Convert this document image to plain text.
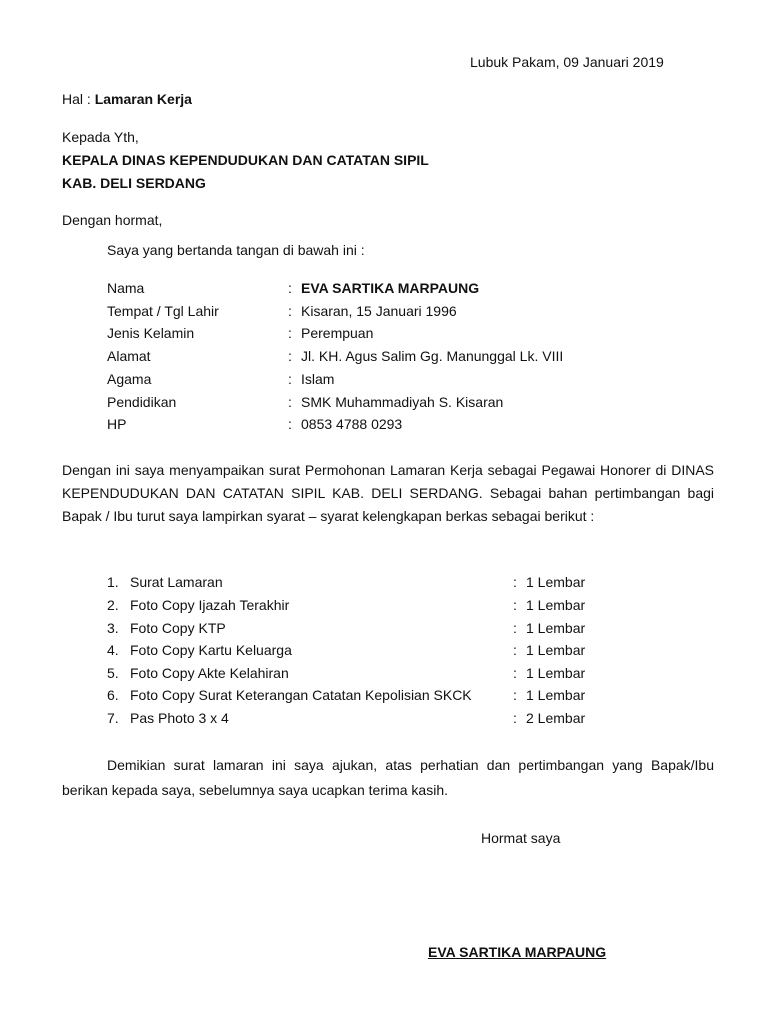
Lubuk Pakam, 09 Januari 2019
Hal : Lamaran Kerja
Kepada Yth,
KEPALA DINAS KEPENDUDUKAN DAN CATATAN SIPIL
KAB. DELI SERDANG
Dengan hormat,
Saya yang bertanda tangan di bawah ini :
Nama	: EVA SARTIKA MARPAUNG
Tempat / Tgl Lahir	: Kisaran, 15 Januari 1996
Jenis Kelamin	: Perempuan
Alamat	: Jl. KH. Agus Salim Gg. Manunggal Lk. VIII
Agama	: Islam
Pendidikan	: SMK Muhammadiyah S. Kisaran
HP	: 0853 4788 0293
Dengan ini saya menyampaikan surat Permohonan Lamaran Kerja sebagai Pegawai Honorer di DINAS KEPENDUDUKAN DAN CATATAN SIPIL KAB. DELI SERDANG. Sebagai bahan pertimbangan bagi Bapak / Ibu turut saya lampirkan syarat – syarat kelengkapan berkas sebagai berikut :
1. Surat Lamaran	: 1 Lembar
2. Foto Copy Ijazah Terakhir	: 1 Lembar
3. Foto Copy KTP	: 1 Lembar
4. Foto Copy Kartu Keluarga	: 1 Lembar
5. Foto Copy Akte Kelahiran	: 1 Lembar
6. Foto Copy Surat Keterangan Catatan Kepolisian SKCK	: 1 Lembar
7. Pas Photo 3 x 4	: 2 Lembar
Demikian surat lamaran ini saya ajukan, atas perhatian dan pertimbangan yang Bapak/Ibu berikan kepada saya, sebelumnya saya ucapkan terima kasih.
Hormat saya
EVA SARTIKA MARPAUNG
